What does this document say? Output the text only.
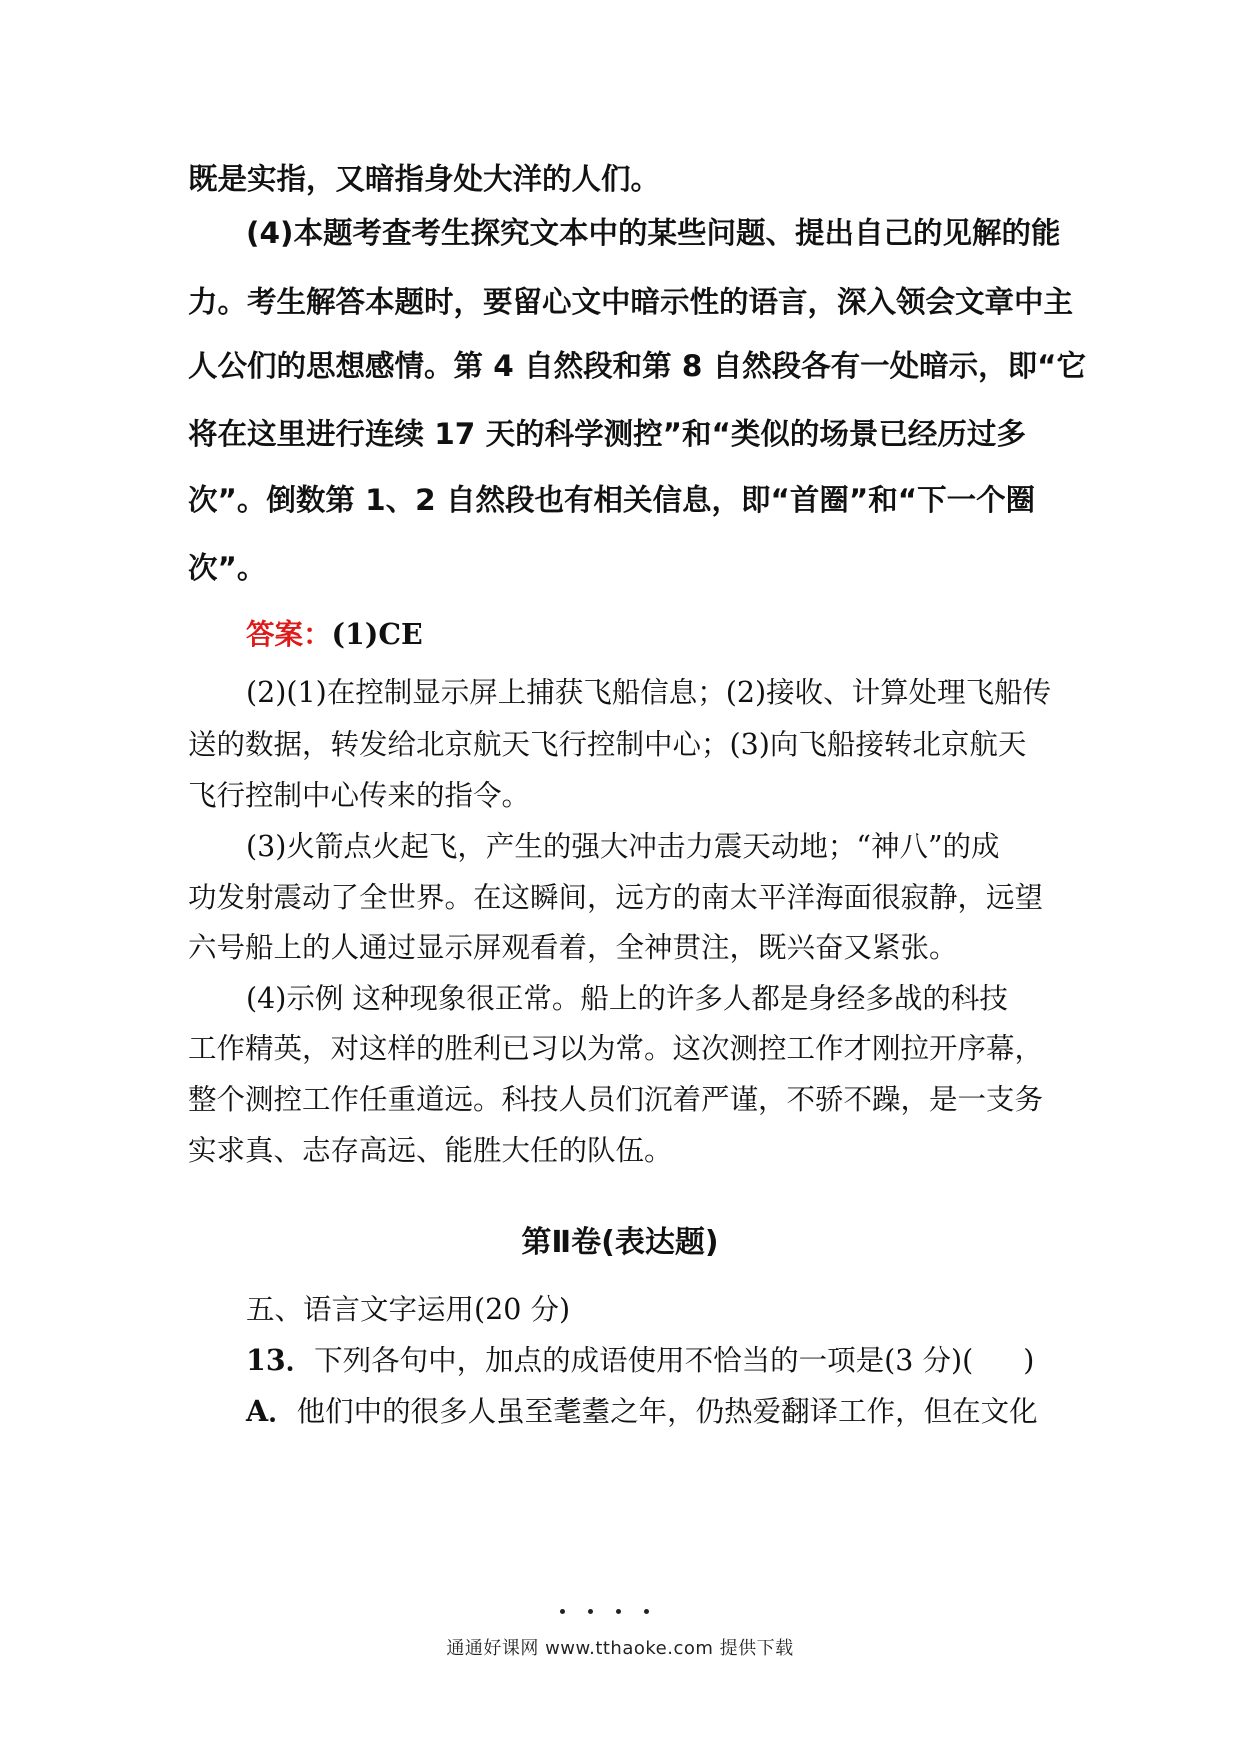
既是实指，又暗指身处大洋的人们。
(4)本题考查考生探究文本中的某些问题、提出自己的见解的能
力。考生解答本题时，要留心文中暗示性的语言，深入领会文章中主
人公们的思想感情。第 4 自然段和第 8 自然段各有一处暗示，即“它
将在这里进行连续 17 天的科学测控”和“类似的场景已经历过多
次”。倒数第 1、2 自然段也有相关信息，即“首圈”和“下一个圈
次”。
答案：(1)CE
(2)(1)在控制显示屏上捕获飞船信息；(2)接收、计算处理飞船传
送的数据，转发给北京航天飞行控制中心；(3)向飞船接转北京航天
飞行控制中心传来的指令。
(3)火箭点火起飞，产生的强大冲击力震天动地；“神八”的成
功发射震动了全世界。在这瞬间，远方的南太平洋海面很寂静，远望
六号船上的人通过显示屏观看着，全神贯注，既兴奋又紧张。
(4)示例 这种现象很正常。船上的许多人都是身经多战的科技
工作精英，对这样的胜利已习以为常。这次测控工作才刚拉开序幕，
整个测控工作任重道远。科技人员们沉着严谨，不骄不躁，是一支务
实求真、志存高远、能胜大任的队伍。
第Ⅱ卷(表达题)
五、语言文字运用(20 分)
13．下列各句中，加点的成语使用不恰当的一项是(3 分)( )
A．他们中的很多人虽至耄耋之年，仍热爱翻译工作，但在文化
通通好课网 www.tthaoke.com 提供下载
